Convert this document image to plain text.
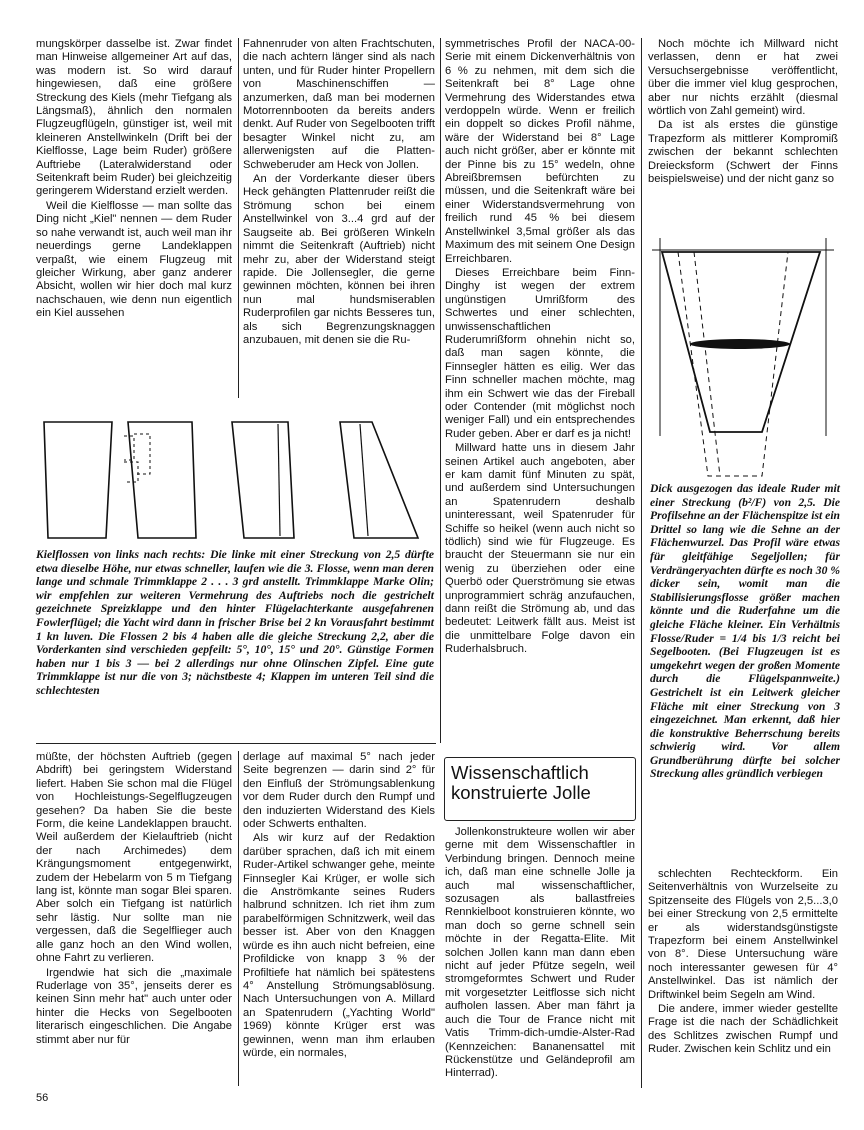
mungskörper dasselbe ist. Zwar findet man Hinweise allgemeiner Art auf das, was modern ist. So wird darauf hingewiesen, daß eine größere Streckung des Kiels (mehr Tiefgang als Längsmaß), ähnlich den normalen Flugzeugflügeln, günstiger ist, weil mit kleineren Anstellwinkeln (Drift bei der Kielflosse, Lage beim Ruder) größere Auftriebe (Lateralwiderstand oder Seitenkraft beim Ruder) bei gleichzeitig geringerem Widerstand erzielt werden.

Weil die Kielflosse — man sollte das Ding nicht „Kiel" nennen — dem Ruder so nahe verwandt ist, auch weil man ihr neuerdings gerne Landeklappen verpaßt, wie einem Flugzeug mit gleicher Wirkung, aber ganz anderer Absicht, wollen wir hier doch mal kurz nachschauen, wie denn nun eigentlich ein Kiel aussehen

Fahnenruder von alten Frachtschuten, die nach achtern länger sind als nach unten, und für Ruder hinter Propellern von Maschinenschiffen — anzumerken, daß man bei modernen Motorrennbooten da bereits anders denkt. Auf Ruder von Segelbooten trifft besagter Winkel nicht zu, am allerwenigsten auf die Platten-Schweberuder am Heck von Jollen.

An der Vorderkante dieser übers Heck gehängten Plattenruder reißt die Strömung schon bei einem Anstellwinkel von 3...4 grd auf der Saugseite ab. Bei größeren Winkeln nimmt die Seitenkraft (Auftrieb) nicht mehr zu, aber der Widerstand steigt rapide. Die Jollensegler, die gerne gewinnen möchten, können bei ihren nun mal hundsmiserablen Ruderprofilen gar nichts Besseres tun, als sich Begrenzungsknaggen anzubauen, mit denen sie die Ru-

symmetrisches Profil der NACA-00-Serie mit einem Dickenverhältnis von 6 % zu nehmen, mit dem sich die Seitenkraft bei 8° Lage ohne Vermehrung des Widerstandes etwa verdoppeln würde. Wenn er freilich ein doppelt so dickes Profil nähme, wäre der Widerstand bei 8° Lage auch nicht größer, aber er könnte mit der Pinne bis zu 15° wedeln, ohne Abreißbremsen befürchten zu müssen, und die Seitenkraft wäre bei einer Widerstandsvermehrung von freilich rund 45 % bei diesem Anstellwinkel 3,5mal größer als das Maximum des mit seinem One Design Erreichbaren.

Dieses Erreichbare beim Finn-Dinghy ist wegen der extrem ungünstigen Umrißform des Schwertes und einer schlechten, unwissenschaftlichen Ruderumrißform ohnehin nicht so, daß man sagen könnte, die Finnsegler hätten es eilig. Wer das Finn schneller machen möchte, mag ihm ein Schwert wie das der Fireball oder Contender (mit möglichst noch weniger Fall) und ein entsprechendes Ruder geben. Aber er darf es ja nicht!

Millward hatte uns in diesem Jahr seinen Artikel auch angeboten, aber er kam damit fünf Minuten zu spät, und außerdem sind Untersuchungen an Spatenrudern deshalb uninteressant, weil Spatenruder für Schiffe so heikel (wenn auch nicht so tödlich) sind wie für Flugzeuge. Es braucht der Steuermann sie nur ein wenig zu überziehen oder eine Querbö oder Querströmung sie etwas unprogrammiert schräg anzufauchen, dann reißt die Strömung ab, und das bedeutet: Leitwerk fällt aus. Meist ist die unmittelbare Folge davon ein Ruderhalsbruch.

Noch möchte ich Millward nicht verlassen, denn er hat zwei Versuchsergebnisse veröffentlicht, über die immer viel klug gesprochen, aber nur nichts erzählt (diesmal wörtlich von Zahl gemeint) wird.

Da ist als erstes die günstige Trapezform als mittlerer Kompromiß zwischen der bekannt schlechten Dreiecksform (Schwert der Finns beispielsweise) und der nicht ganz so

Kielflossen von links nach rechts: Die linke mit einer Streckung von 2,5 dürfte etwa dieselbe Höhe, nur etwas schneller, laufen wie die 3. Flosse, wenn man deren lange und schmale Trimmklappe 2 . . . 3 grd anstellt. Trimmklappe Marke Olin; wir empfehlen zur weiteren Vermehrung des Auftriebs noch die gestrichelt gezeichnete Spreizklappe und den hinter Flügelachterkante ausgefahrenen Fowlerflügel; die Yacht wird dann in frischer Brise bei 2 kn Vorausfahrt bestimmt 1 kn luven. Die Flossen 2 bis 4 haben alle die gleiche Streckung 2,2, aber die Vorderkanten sind verschieden gepfeilt: 5°, 10°, 15° und 20°. Günstige Formen haben nur 1 bis 3 — bei 2 allerdings nur ohne Olinschen Zipfel. Eine gute Trimmklappe ist nur die von 3; nächstbeste 4; Klappen im unteren Teil sind die schlechtesten
Dick ausgezogen das ideale Ruder mit einer Streckung (b²/F) von 2,5. Die Profilsehne an der Flächenspitze ist ein Drittel so lang wie die Sehne an der Flächenwurzel. Das Profil wäre etwas für gleitfähige Segeljollen; für Verdrängeryachten dürfte es noch 30 % dicker sein, womit man die Stabilisierungsflosse größer machen könnte und die Ruderfahne um die gleiche Fläche kleiner. Ein Verhältnis Flosse/Ruder = 1/4 bis 1/3 reicht bei Segelbooten. (Bei Flugzeugen ist es umgekehrt wegen der großen Momente durch die Flügelspannweite.) Gestrichelt ist ein Leitwerk gleicher Fläche mit einer Streckung von 3 eingezeichnet. Man erkennt, daß hier die konstruktive Beherrschung bereits schwierig wird. Vor allem Grundberührung dürfte bei solcher Streckung alles gründlich verbiegen

müßte, der höchsten Auftrieb (gegen Abdrift) bei geringstem Widerstand liefert. Haben Sie schon mal die Flügel von Hochleistungs-Segelflugzeugen gesehen? Da haben Sie die beste Form, die keine Landeklappen braucht. Weil außerdem der Kielauftrieb (nicht der nach Archimedes) dem Krängungsmoment entgegenwirkt, zudem der Hebelarm von 5 m Tiefgang lang ist, könnte man sogar Blei sparen. Aber solch ein Tiefgang ist natürlich sehr lästig. Nur sollte man nie vergessen, daß die Segelflieger auch alle ganz hoch an den Wind wollen, ohne Fahrt zu verlieren.

Irgendwie hat sich die „maximale Ruderlage von 35°, jenseits derer es keinen Sinn mehr hat" auch unter oder hinter die Hecks von Segelbooten literarisch eingeschlichen. Die Angabe stimmt aber nur für

derlage auf maximal 5° nach jeder Seite begrenzen — darin sind 2° für den Einfluß der Strömungsablenkung vor dem Ruder durch den Rumpf und den induzierten Widerstand des Kiels oder Schwerts enthalten.

Als wir kurz auf der Redaktion darüber sprachen, daß ich mit einem Ruder-Artikel schwanger gehe, meinte Finnsegler Kai Krüger, er wolle sich die Anströmkante seines Ruders halbrund schnitzen. Ich riet ihm zum parabelförmigen Schnitzwerk, weil das besser ist. Aber von den Knaggen würde es ihn auch nicht befreien, eine Profildicke von knapp 3 % der Profiltiefe hat nämlich bei spätestens 4° Anstellung Strömungsablösung. Nach Untersuchungen von A. Millard an Spatenrudern („Yachting World" 1969) könnte Krüger erst was gewinnen, wenn man ihm erlauben würde, ein normales,

Wissenschaftlich konstruierte Jolle

Jollenkonstrukteure wollen wir aber gerne mit dem Wissenschaftler in Verbindung bringen. Dennoch meine ich, daß man eine schnelle Jolle ja auch mal wissenschaftlicher, sozusagen als ballastfreies Rennkielboot konstruieren könnte, wo man doch so gerne schnell sein möchte in der Regatta-Elite. Mit solchen Jollen kann man dann eben nicht auf jeder Pfütze segeln, weil stromgeformtes Schwert und Ruder mit vorgesetzter Leitflosse sich nicht aufholen lassen. Aber man fährt ja auch die Tour de France nicht mit Vatis Trimm-dich-umdie-Alster-Rad (Kennzeichen: Bananensattel mit Rückenstütze und Geländeprofil am Hinterrad).

schlechten Rechteckform. Ein Seitenverhältnis von Wurzelseite zu Spitzenseite des Flügels von 2,5...3,0 bei einer Streckung von 2,5 ermittelte er als widerstandsgünstigste Trapezform bei einem Anstellwinkel von 8°. Diese Untersuchung wäre noch interessanter gewesen für 4° Anstellwinkel. Das ist nämlich der Driftwinkel beim Segeln am Wind.

Die andere, immer wieder gestellte Frage ist die nach der Schädlichkeit des Schlitzes zwischen Rumpf und Ruder. Zwischen kein Schlitz und ein

56
